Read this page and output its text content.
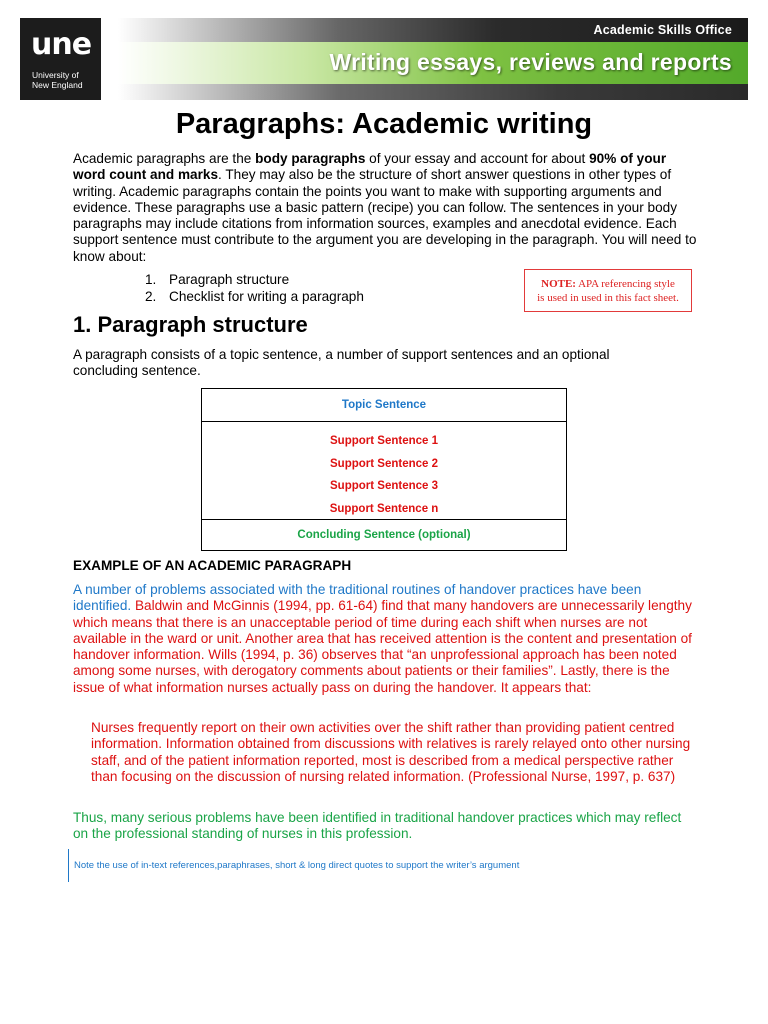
une
University of
New England
Academic Skills Office
Writing essays, reviews and reports
Paragraphs: Academic writing

Academic paragraphs are the body paragraphs of your essay and account for about 90% of your word count and marks. They may also be the structure of short answer questions in other types of writing. Academic paragraphs contain the points you want to make with supporting arguments and evidence. These paragraphs use a basic pattern (recipe) you can follow. The sentences in your body paragraphs may include citations from information sources, examples and anecdotal evidence. Each support sentence must contribute to the argument you are developing in the paragraph. You will need to know about:

1. Paragraph structure
2. Checklist for writing a paragraph
NOTE: APA referencing style
is used in used in this fact sheet.
1. Paragraph structure

A paragraph consists of a topic sentence, a number of support sentences and an optional concluding sentence.

Topic Sentence
Support Sentence 1
Support Sentence 2
Support Sentence 3
Support Sentence n
Concluding Sentence (optional)
EXAMPLE OF AN ACADEMIC PARAGRAPH

A number of problems associated with the traditional routines of handover practices have been identified. Baldwin and McGinnis (1994, pp. 61-64) find that many handovers are unnecessarily lengthy which means that there is an unacceptable period of time during each shift when nurses are not available in the ward or unit. Another area that has received attention is the content and presentation of handover information. Wills (1994, p. 36) observes that “an unprofessional approach has been noted among some nurses, with derogatory comments about patients or their families”. Lastly, there is the issue of what information nurses actually pass on during the handover. It appears that:

Nurses frequently report on their own activities over the shift rather than providing patient centred information. Information obtained from discussions with relatives is rarely relayed onto other nursing staff, and of the patient information reported, most is described from a medical perspective rather than focusing on the discussion of nursing related information. (Professional Nurse, 1997, p. 637)

Thus, many serious problems have been identified in traditional handover practices which may reflect on the professional standing of nurses in this profession.

Note the use of in-text references,paraphrases, short & long direct quotes to support the writer’s argument
